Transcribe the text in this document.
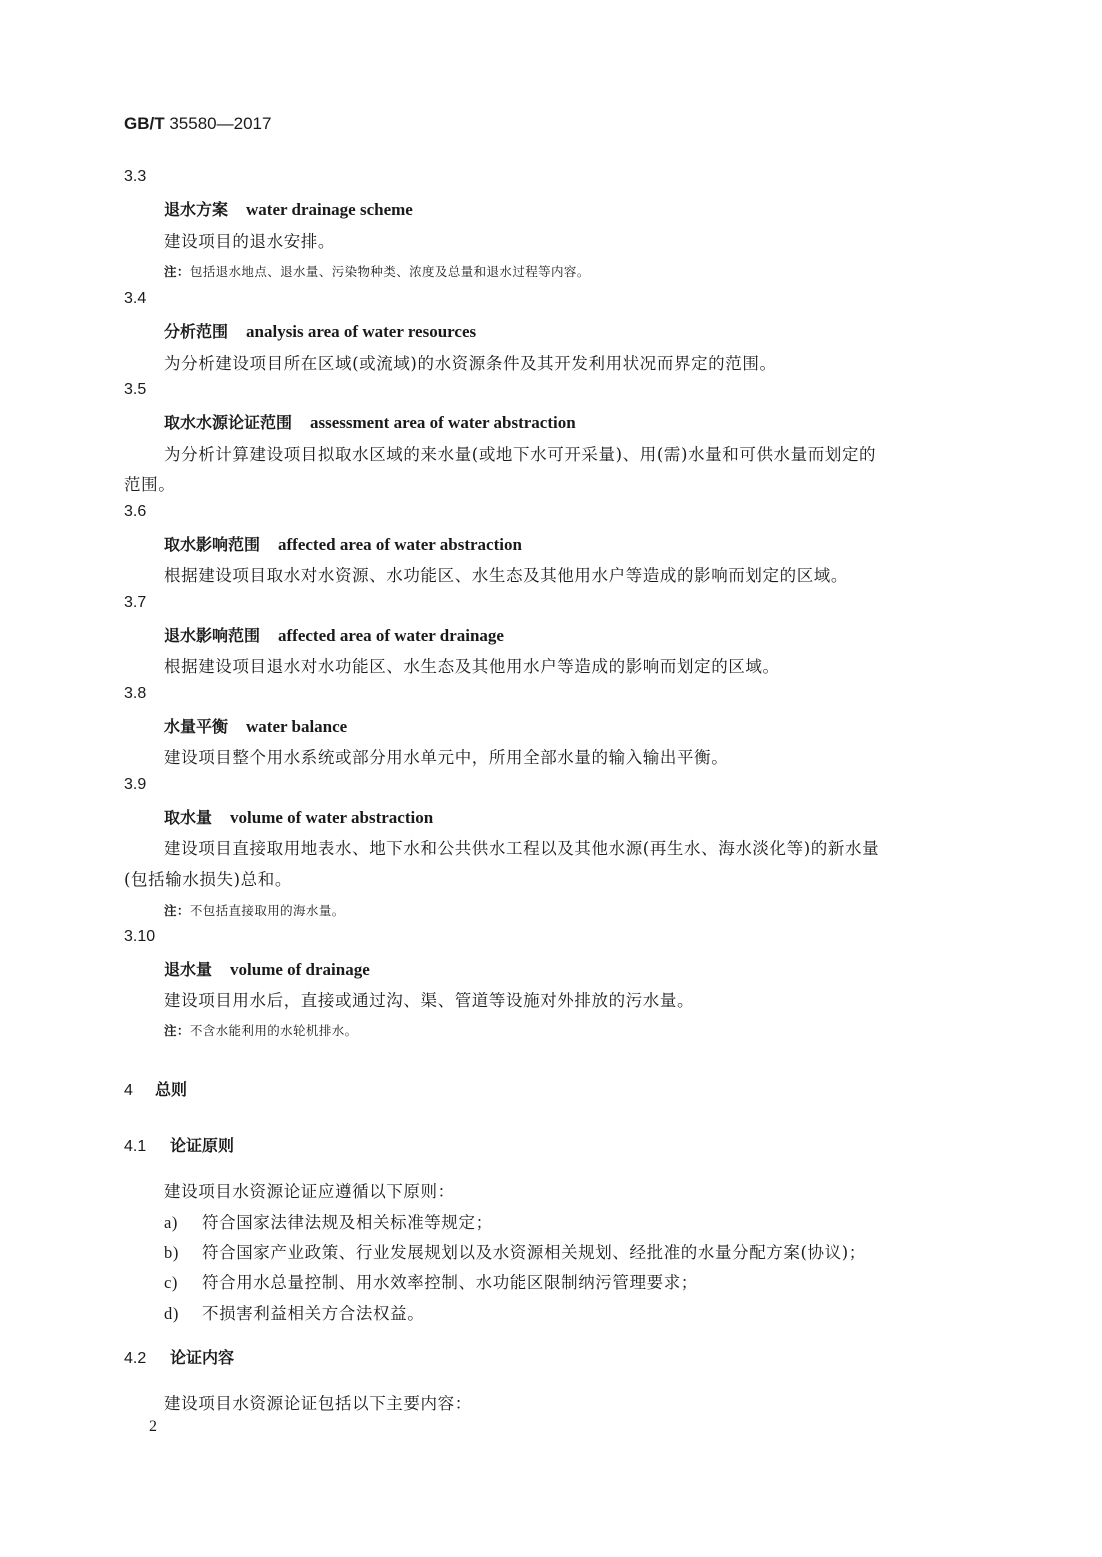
GB/T 35580—2017
3.3
退水方案 water drainage scheme
建设项目的退水安排。
注：包括退水地点、退水量、污染物种类、浓度及总量和退水过程等内容。
3.4
分析范围 analysis area of water resources
为分析建设项目所在区域(或流域)的水资源条件及其开发利用状况而界定的范围。
3.5
取水水源论证范围 assessment area of water abstraction
为分析计算建设项目拟取水区域的来水量(或地下水可开采量)、用(需)水量和可供水量而划定的
范围。
3.6
取水影响范围 affected area of water abstraction
根据建设项目取水对水资源、水功能区、水生态及其他用水户等造成的影响而划定的区域。
3.7
退水影响范围 affected area of water drainage
根据建设项目退水对水功能区、水生态及其他用水户等造成的影响而划定的区域。
3.8
水量平衡 water balance
建设项目整个用水系统或部分用水单元中，所用全部水量的输入输出平衡。
3.9
取水量 volume of water abstraction
建设项目直接取用地表水、地下水和公共供水工程以及其他水源(再生水、海水淡化等)的新水量
(包括输水损失)总和。
注：不包括直接取用的海水量。
3.10
退水量 volume of drainage
建设项目用水后，直接或通过沟、渠、管道等设施对外排放的污水量。
注：不含水能利用的水轮机排水。
4 总则
4.1 论证原则
建设项目水资源论证应遵循以下原则：
a) 符合国家法律法规及相关标准等规定；
b) 符合国家产业政策、行业发展规划以及水资源相关规划、经批准的水量分配方案(协议)；
c) 符合用水总量控制、用水效率控制、水功能区限制纳污管理要求；
d) 不损害利益相关方合法权益。
4.2 论证内容
建设项目水资源论证包括以下主要内容：
2
